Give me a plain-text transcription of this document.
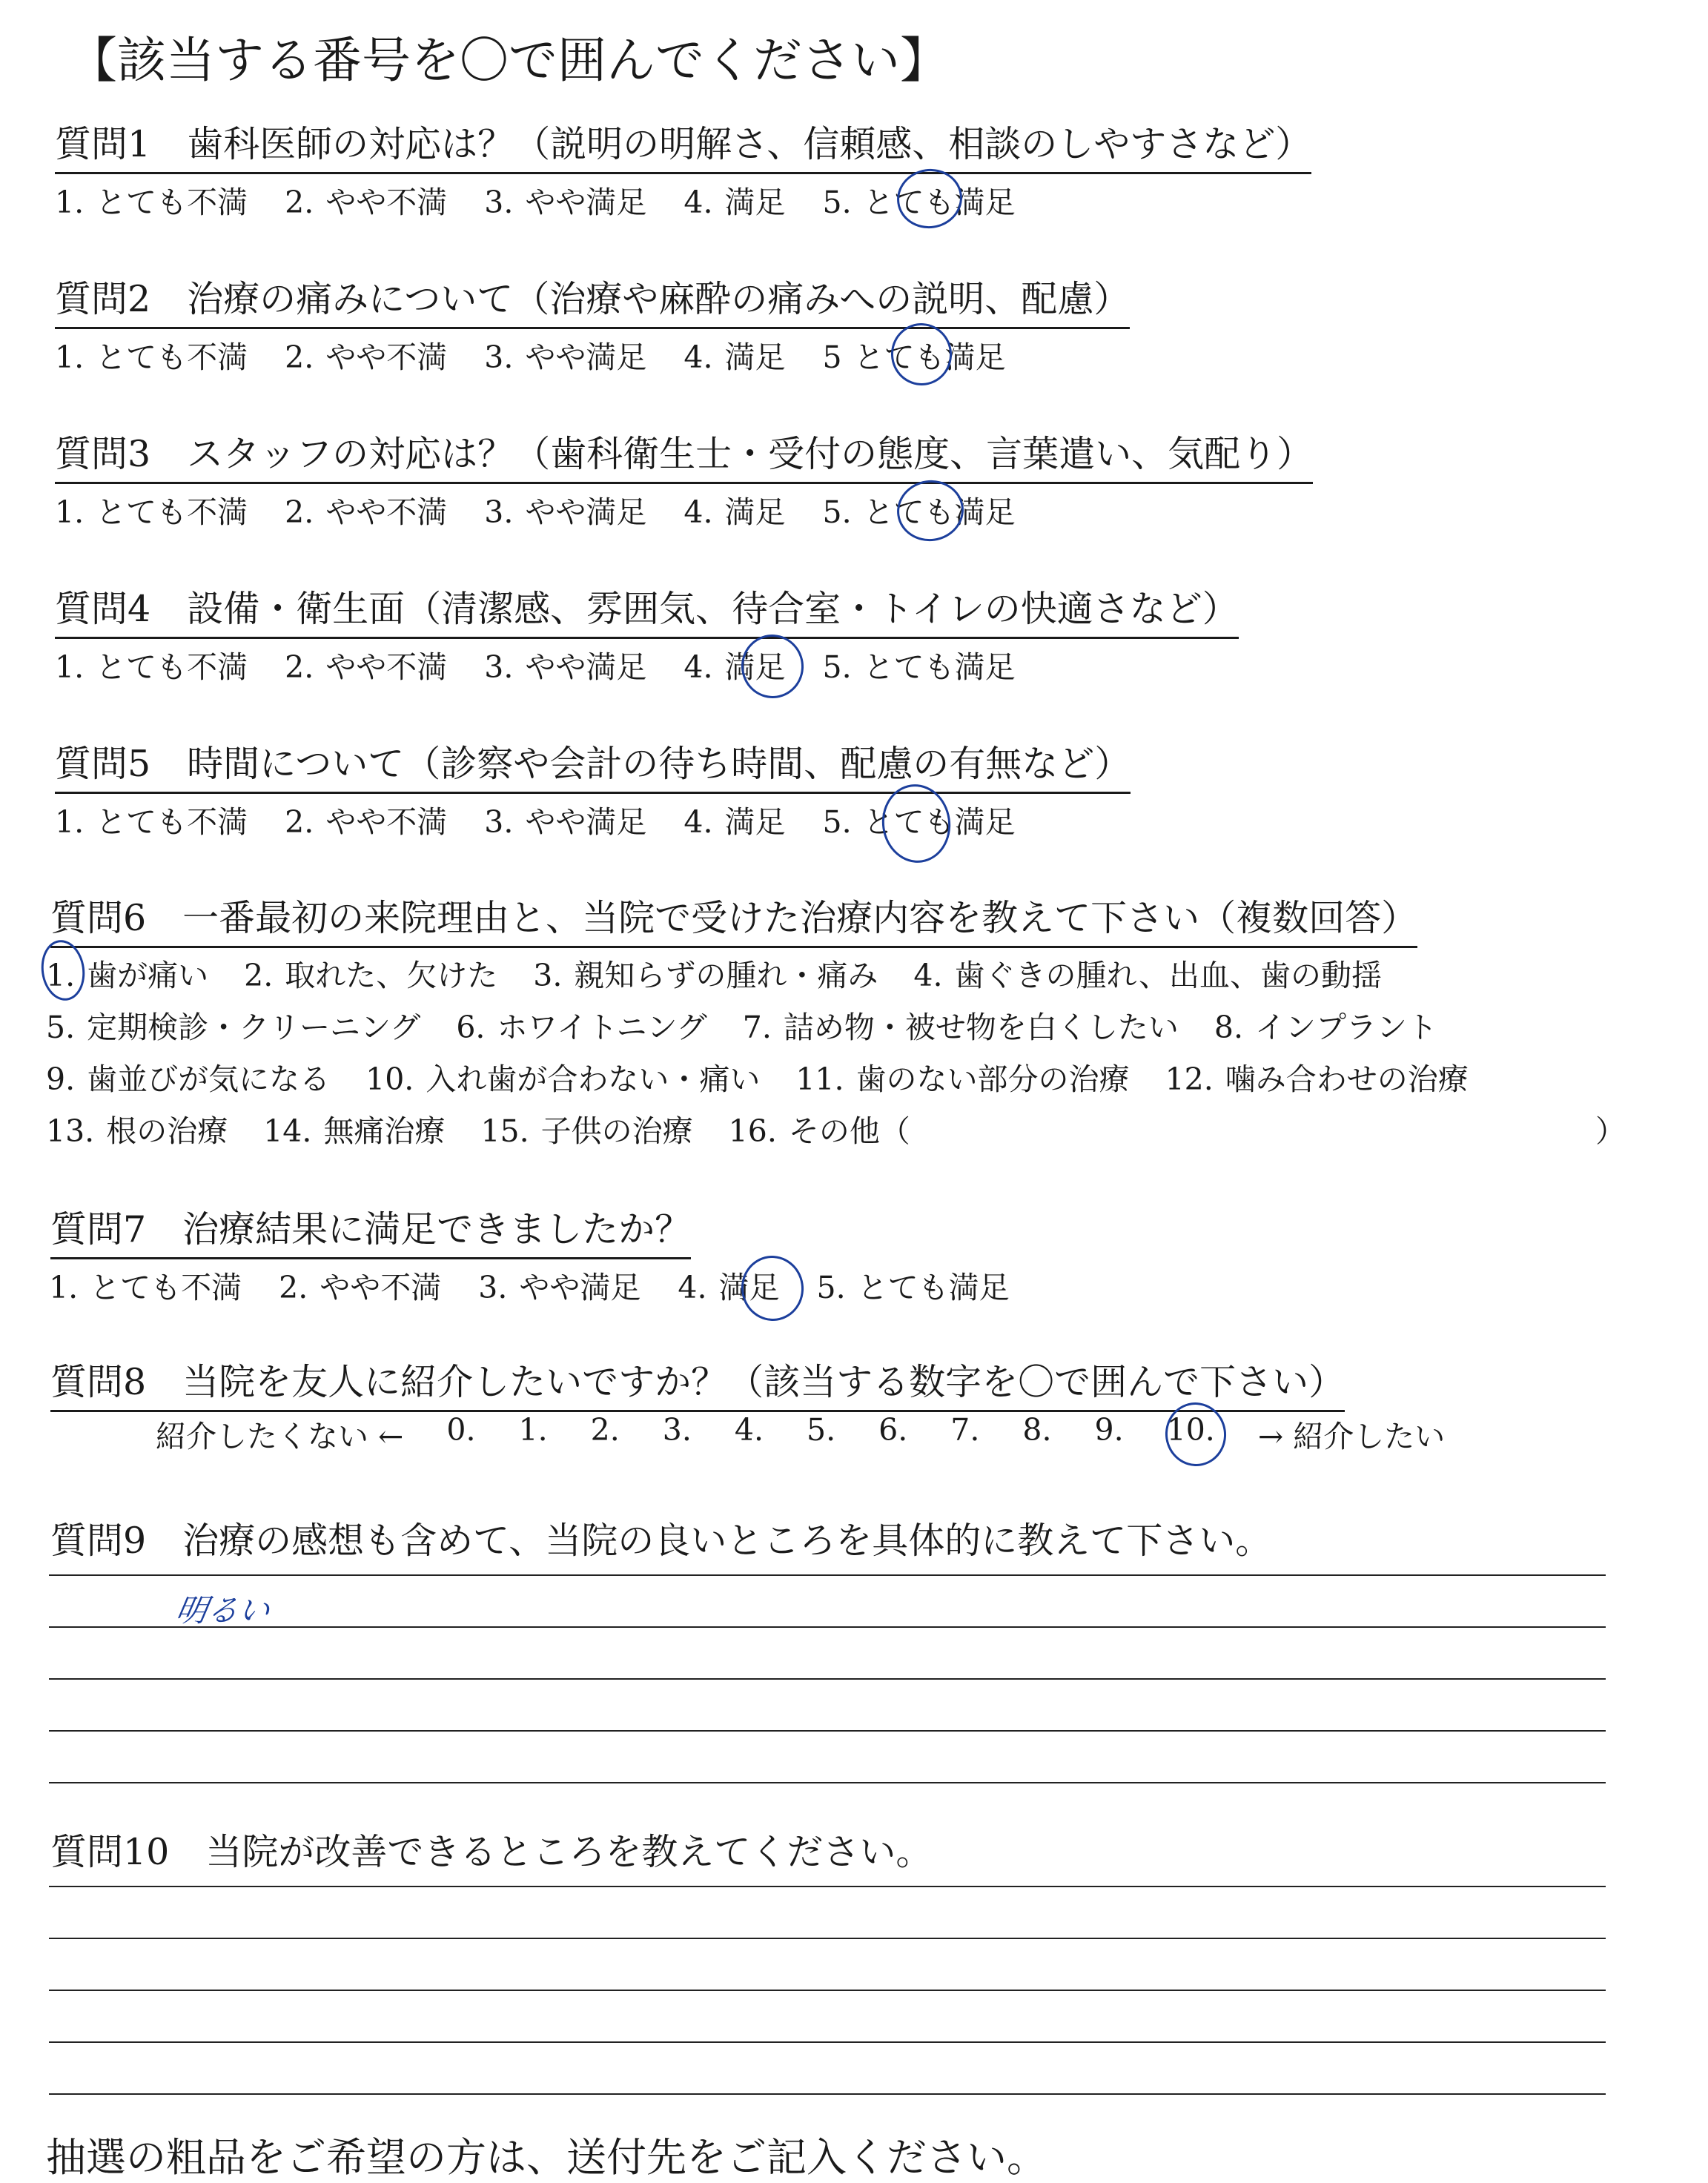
【該当する番号を〇で囲んでください】
質問1　歯科医師の対応は？（説明の明解さ、信頼感、相談のしやすさなど）
1. とても不満 2. やや不満 3. やや満足 4. 満足 5. とても満足
質問2　治療の痛みについて（治療や麻酔の痛みへの説明、配慮）
1. とても不満 2. やや不満 3. やや満足 4. 満足 5 とても満足
質問3　スタッフの対応は？（歯科衛生士・受付の態度、言葉遣い、気配り）
1. とても不満 2. やや不満 3. やや満足 4. 満足 5. とても満足
質問4　設備・衛生面（清潔感、雰囲気、待合室・トイレの快適さなど）
1. とても不満 2. やや不満 3. やや満足 4. 満足 5. とても満足
質問5　時間について（診察や会計の待ち時間、配慮の有無など）
1. とても不満 2. やや不満 3. やや満足 4. 満足 5. とても満足
質問6　一番最初の来院理由と、当院で受けた治療内容を教えて下さい（複数回答）
1. 歯が痛い 2. 取れた、欠けた 3. 親知らずの腫れ・痛み 4. 歯ぐきの腫れ、出血、歯の動揺
5. 定期検診・クリーニング 6. ホワイトニング 7. 詰め物・被せ物を白くしたい 8. インプラント
9. 歯並びが気になる 10. 入れ歯が合わない・痛い 11. 歯のない部分の治療 12. 噛み合わせの治療
13. 根の治療 14. 無痛治療 15. 子供の治療 16. その他（	）
質問7　治療結果に満足できましたか？
1. とても不満 2. やや不満 3. やや満足 4. 満足 5. とても満足
質問8　当院を友人に紹介したいですか？（該当する数字を〇で囲んで下さい）
紹介したくない ← 0. 1. 2. 3. 4. 5. 6. 7. 8. 9. 10. → 紹介したい
質問9　治療の感想も含めて、当院の良いところを具体的に教えて下さい。
明るい
質問10　当院が改善できるところを教えてください。
抽選の粗品をご希望の方は、送付先をご記入ください。
